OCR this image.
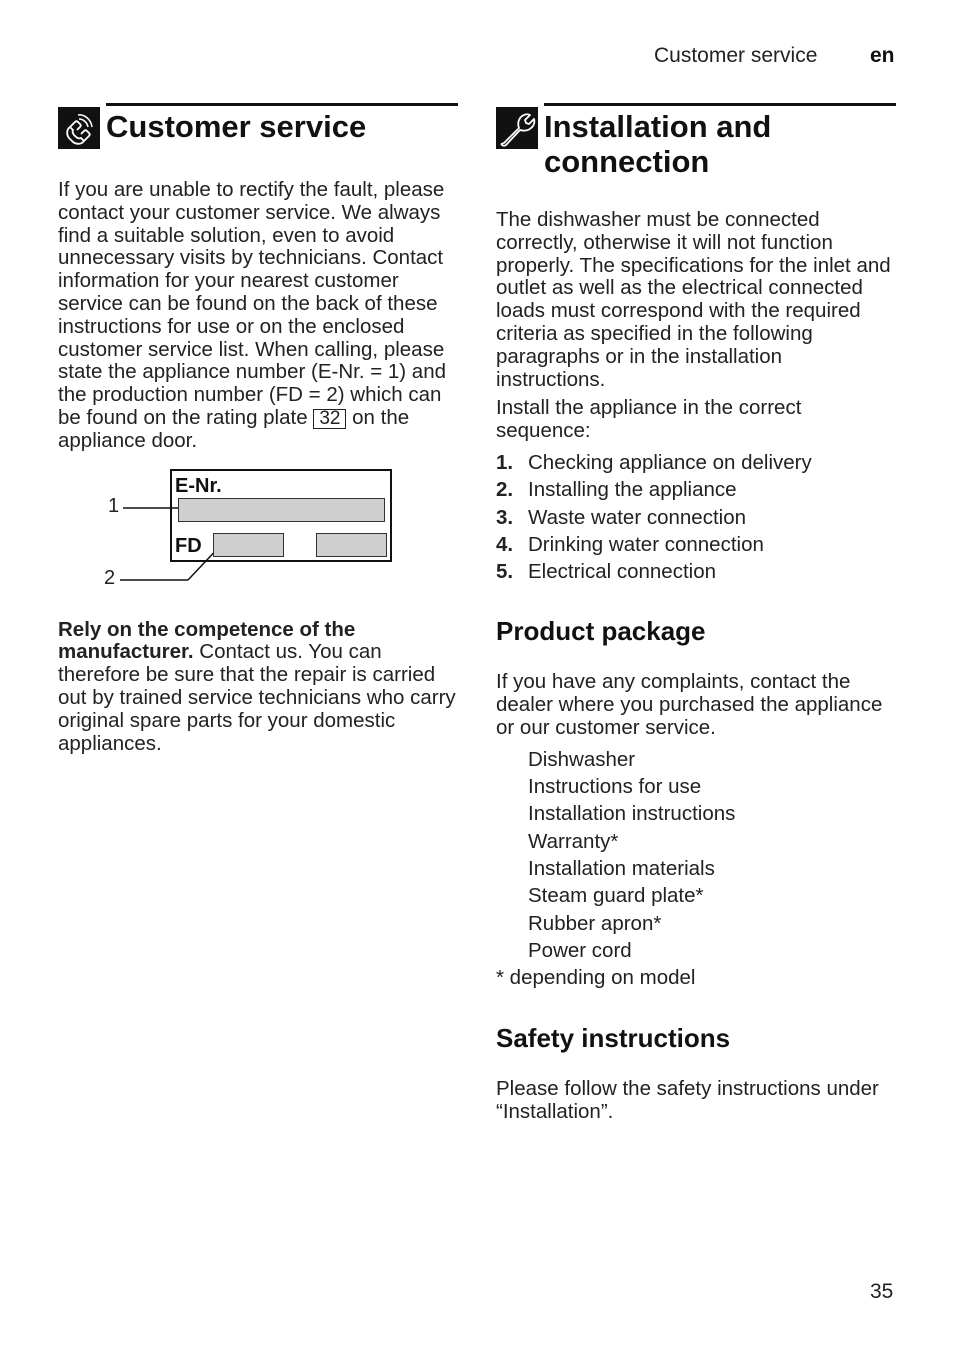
Customer service	en
Customer service

If you are unable to rectify the fault, please contact your customer service. We always find a suitable solution, even to avoid unnecessary visits by technicians. Contact information for your nearest customer service can be found on the back of these instructions for use or on the enclosed customer service list. When calling, please state the appliance number (E-Nr. = 1) and the production number (FD = 2) which can be found on the rating plate 32 on the appliance door.

E-Nr.
FD
1
2

Rely on the competence of the manufacturer. Contact us. You can therefore be sure that the repair is carried out by trained service technicians who carry original spare parts for your domestic appliances.

Installation and
connection

The dishwasher must be connected correctly, otherwise it will not function properly. The specifications for the inlet and outlet as well as the electrical connected loads must correspond with the required criteria as specified in the following paragraphs or in the installation instructions.

Install the appliance in the correct sequence:

1. Checking appliance on delivery
2. Installing the appliance
3. Waste water connection
4. Drinking water connection
5. Electrical connection
Product package

If you have any complaints, contact the dealer where you purchased the appliance or our customer service.

Dishwasher
Instructions for use
Installation instructions
Warranty*
Installation materials
Steam guard plate*
Rubber apron*
Power cord

* depending on model

Safety instructions

Please follow the safety instructions under “Installation”.

35
